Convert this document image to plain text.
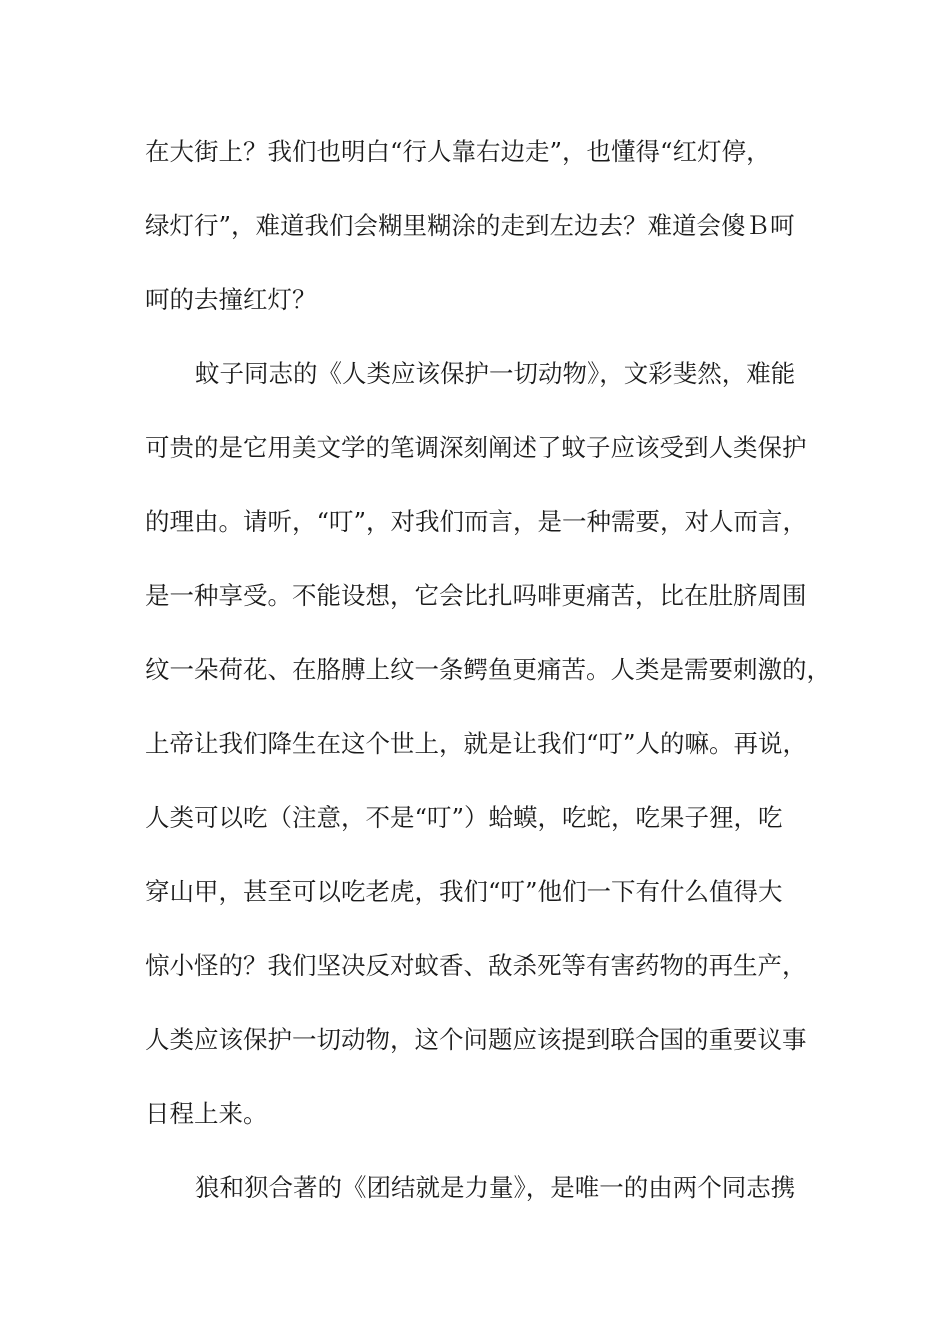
在大街上？我们也明白“行人靠右边走”，也懂得“红灯停，
绿灯行”，难道我们会糊里糊涂的走到左边去？难道会傻Ｂ呵
呵的去撞红灯？
蚊子同志的《人类应该保护一切动物》，文彩斐然，难能
可贵的是它用美文学的笔调深刻阐述了蚊子应该受到人类保护
的理由。请听，“叮”，对我们而言，是一种需要，对人而言，
是一种享受。不能设想，它会比扎吗啡更痛苦，比在肚脐周围
纹一朵荷花、在胳膊上纹一条鳄鱼更痛苦。人类是需要刺激的，
上帝让我们降生在这个世上，就是让我们“叮”人的嘛。再说，
人类可以吃（注意，不是“叮”）蛤蟆，吃蛇，吃果子狸，吃
穿山甲，甚至可以吃老虎，我们“叮”他们一下有什么值得大
惊小怪的？我们坚决反对蚊香、敌杀死等有害药物的再生产，
人类应该保护一切动物，这个问题应该提到联合国的重要议事
日程上来。
狼和狈合著的《团结就是力量》，是唯一的由两个同志携
